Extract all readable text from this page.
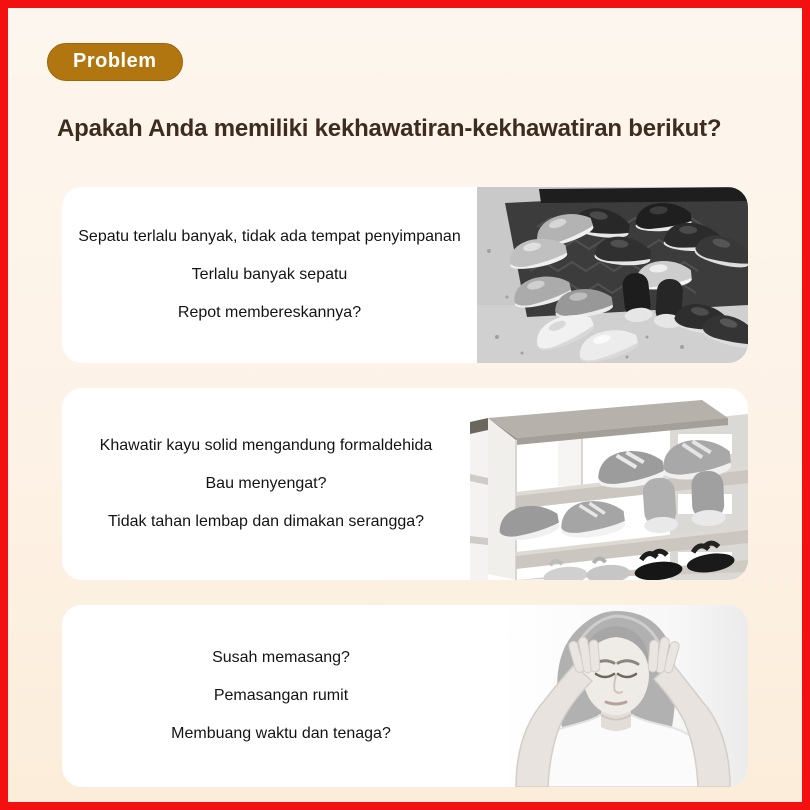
Problem
Apakah Anda memiliki kekhawatiran-kekhawatiran berikut?

Sepatu terlalu banyak, tidak ada tempat penyimpanan

Terlalu banyak sepatu

Repot membereskannya?

Khawatir kayu solid mengandung formaldehida

Bau menyengat?

Tidak tahan lembap dan dimakan serangga?

Susah memasang?

Pemasangan rumit

Membuang waktu dan tenaga?
